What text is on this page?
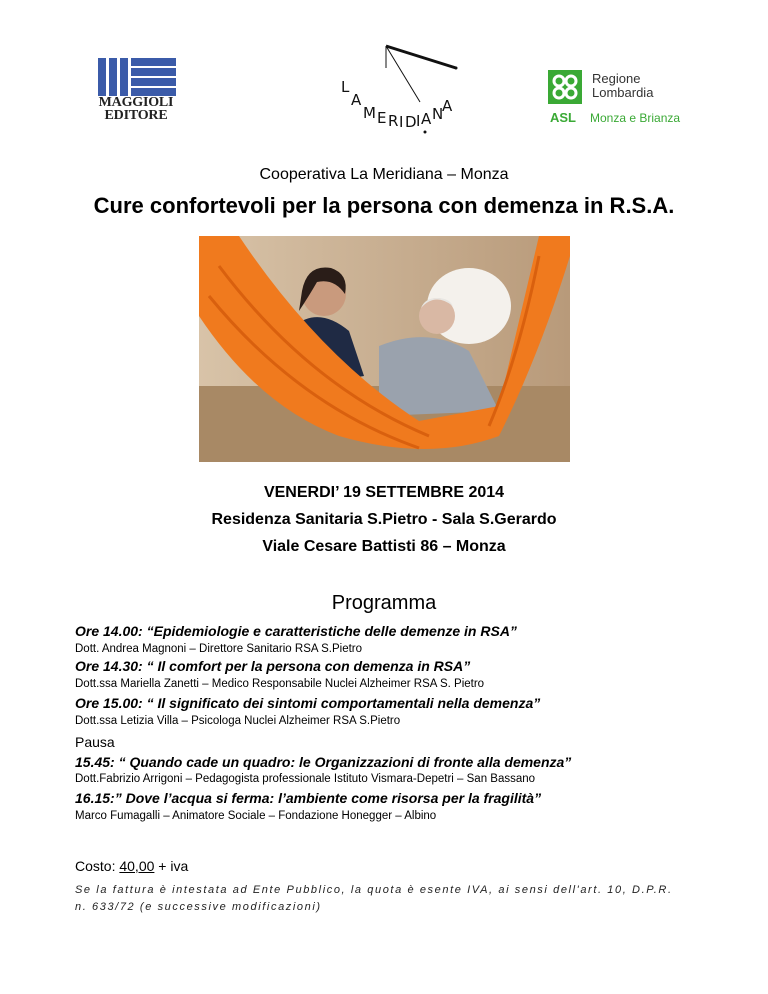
MAGGIOLI
EDITORE
L
A
M E R I D I A N
A
Regione
Lombardia
ASL Monza e Brianza
Cooperativa La Meridiana – Monza
Cure confortevoli per la persona con demenza in R.S.A.
VENERDI’ 19 SETTEMBRE 2014
Residenza Sanitaria S.Pietro - Sala S.Gerardo
Viale Cesare Battisti 86 – Monza
Programma
Ore 14.00: “Epidemiologie e caratteristiche delle demenze in RSA”
Dott. Andrea Magnoni – Direttore Sanitario RSA S.Pietro
Ore 14.30: “ Il comfort per la persona con demenza in RSA”
Dott.ssa Mariella Zanetti – Medico Responsabile Nuclei Alzheimer RSA S. Pietro
Ore 15.00: “ Il significato dei sintomi comportamentali nella demenza”
Dott.ssa Letizia Villa – Psicologa Nuclei Alzheimer RSA S.Pietro
Pausa
15.45: “ Quando cade un quadro: le Organizzazioni di fronte alla demenza”
Dott.Fabrizio Arrigoni – Pedagogista professionale Istituto Vismara-Depetri – San Bassano
16.15:” Dove l’acqua si ferma: l’ambiente come risorsa per la fragilità”
Marco Fumagalli – Animatore Sociale – Fondazione Honegger – Albino
Costo: 40,00 + iva
Se la fattura è intestata ad Ente Pubblico, la quota è esente IVA, ai sensi dell'art. 10, D.P.R.
n. 633/72 (e successive modificazioni)
